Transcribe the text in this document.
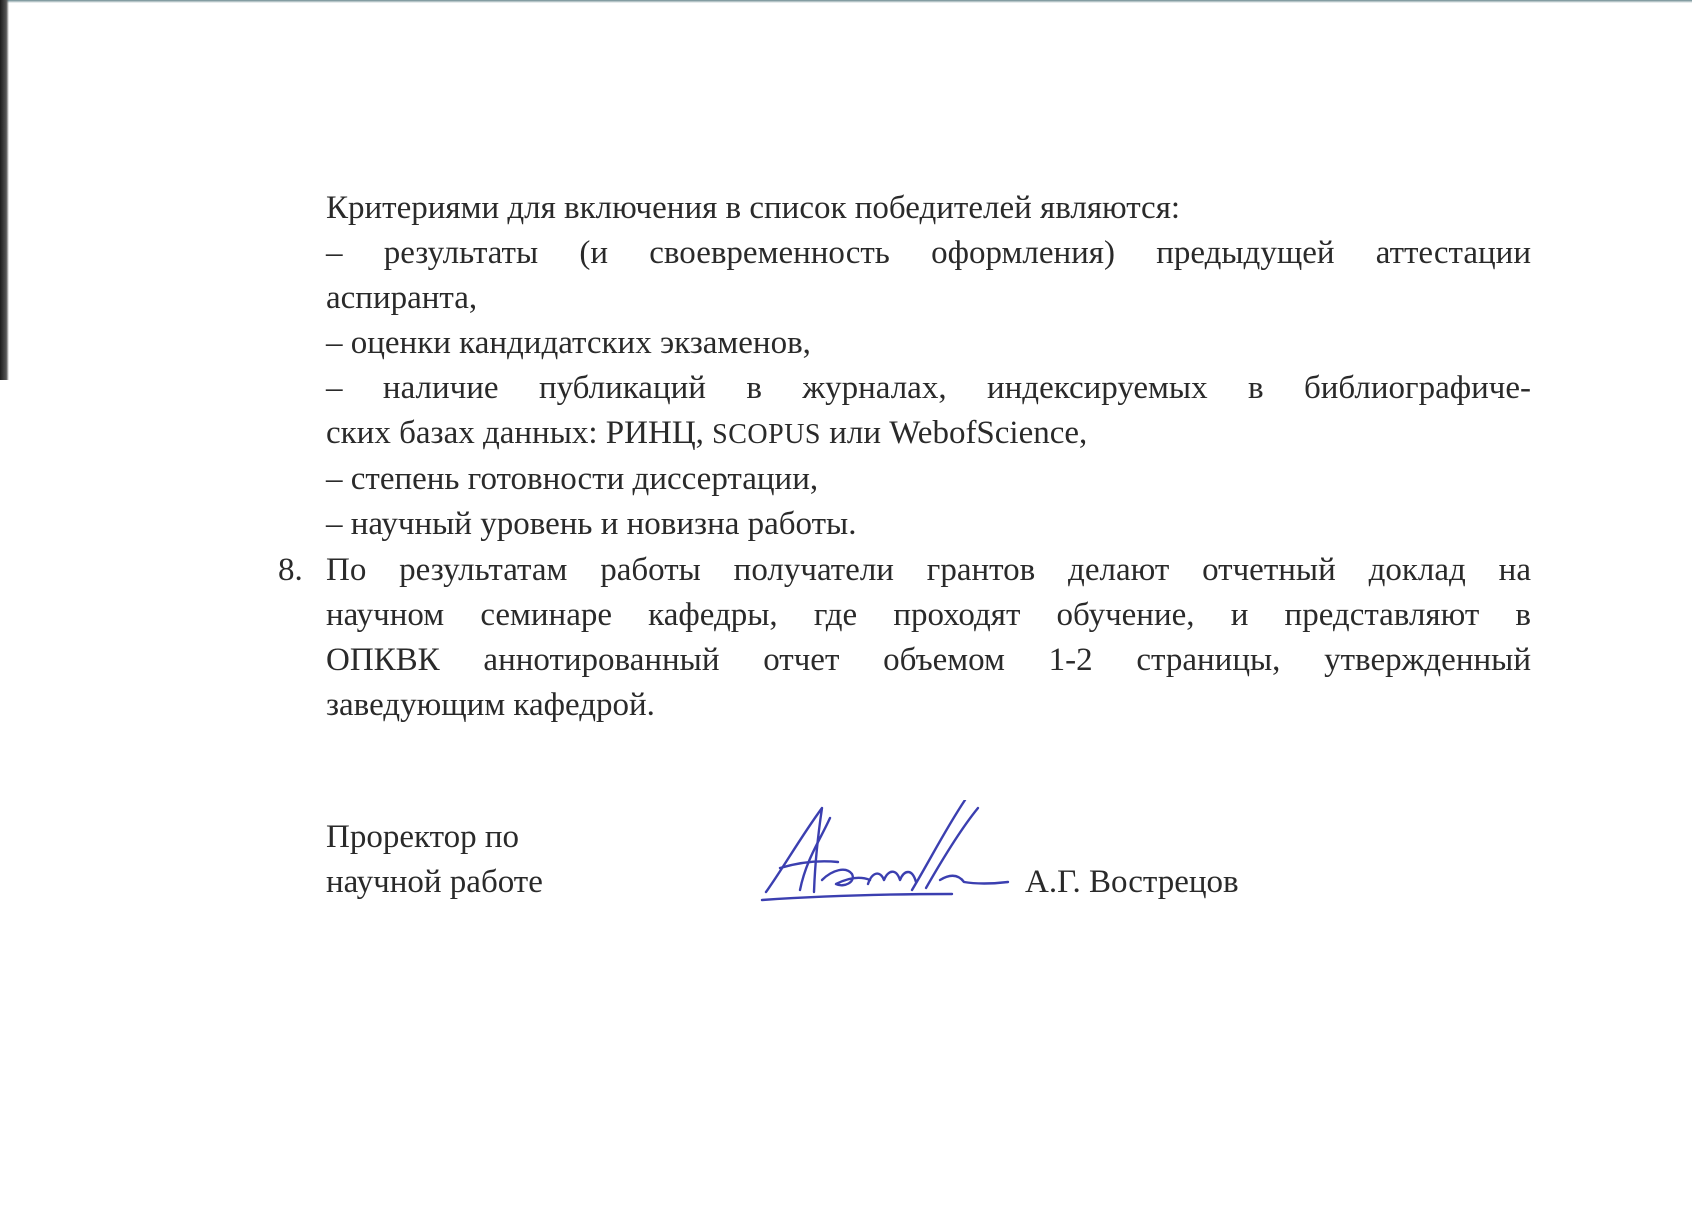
Критериями для включения в список победителей являются:
– результаты (и своевременность оформления) предыдущей аттестации
аспиранта,
– оценки кандидатских экзаменов,
– наличие публикаций в журналах, индексируемых в библиографиче-
ских базах данных: РИНЦ, SCOPUS или WebofScience,
– степень готовности диссертации,
– научный уровень и новизна работы.
8. По результатам работы получатели грантов делают отчетный доклад на
научном семинаре кафедры, где проходят обучение, и представляют в
ОПКВК аннотированный отчет объемом 1-2 страницы, утвержденный
заведующим кафедрой.
Проректор по
научной работе	А.Г. Вострецов
